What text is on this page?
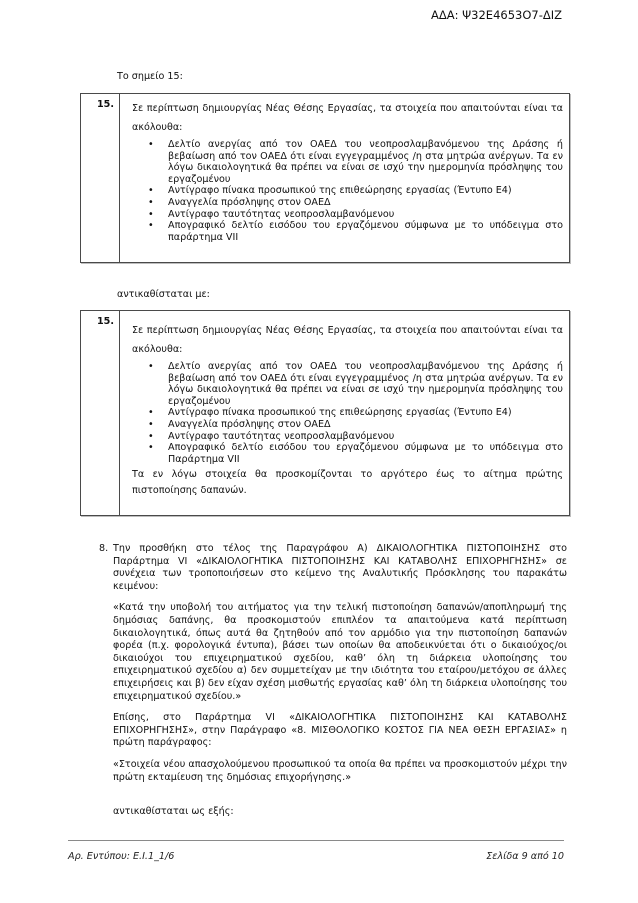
ΑΔΑ: Ψ32Ε4653Ο7-ΔΙΖ
Το σημείο 15:
15. Σε περίπτωση δημιουργίας Νέας Θέσης Εργασίας, τα στοιχεία που απαιτούνται είναι τα ακόλουθα:

• Δελτίο ανεργίας από τον ΟΑΕΔ του νεοπροσλαμβανόμενου της Δράσης ή βεβαίωση από τον ΟΑΕΔ ότι είναι εγγεγραμμένος /η στα μητρώα ανέργων. Τα εν λόγω δικαιολογητικά θα πρέπει να είναι σε ισχύ την ημερομηνία πρόσληψης του εργαζομένου
• Αντίγραφο πίνακα προσωπικού της επιθεώρησης εργασίας (Έντυπο Ε4)
• Αναγγελία πρόσληψης στον ΟΑΕΔ
• Αντίγραφο ταυτότητας νεοπροσλαμβανόμενου
• Απογραφικό δελτίο εισόδου του εργαζόμενου σύμφωνα με το υπόδειγμα στο παράρτημα VII
αντικαθίσταται με:
15.

Σε περίπτωση δημιουργίας Νέας Θέσης Εργασίας, τα στοιχεία που απαιτούνται είναι τα ακόλουθα:

• Δελτίο ανεργίας από τον ΟΑΕΔ του νεοπροσλαμβανόμενου της Δράσης ή βεβαίωση από τον ΟΑΕΔ ότι είναι εγγεγραμμένος /η στα μητρώα ανέργων. Τα εν λόγω δικαιολογητικά θα πρέπει να είναι σε ισχύ την ημερομηνία πρόσληψης του εργαζομένου
• Αντίγραφο πίνακα προσωπικού της επιθεώρησης εργασίας (Έντυπο Ε4)
• Αναγγελία πρόσληψης στον ΟΑΕΔ
• Αντίγραφο ταυτότητας νεοπροσλαμβανόμενου
• Απογραφικό δελτίο εισόδου του εργαζόμενου σύμφωνα με το υπόδειγμα στο Παράρτημα VII

Τα εν λόγω στοιχεία θα προσκομίζονται το αργότερο έως το αίτημα πρώτης πιστοποίησης δαπανών.

8. Την προσθήκη στο τέλος της Παραγράφου Α) ΔΙΚΑΙΟΛΟΓΗΤΙΚΑ ΠΙΣΤΟΠΟΙΗΣΗΣ στο Παράρτημα VI «ΔΙΚΑΙΟΛΟΓΗΤΙΚΑ ΠΙΣΤΟΠΟΙΗΣΗΣ ΚΑΙ ΚΑΤΑΒΟΛΗΣ ΕΠΙΧΟΡΗΓΗΣΗΣ» σε συνέχεια των τροποποιήσεων στο κείμενο της Αναλυτικής Πρόσκλησης του παρακάτω κειμένου:

«Κατά την υποβολή του αιτήματος για την τελική πιστοποίηση δαπανών/αποπληρωμή της δημόσιας δαπάνης, θα προσκομιστούν επιπλέον τα απαιτούμενα κατά περίπτωση δικαιολογητικά, όπως αυτά θα ζητηθούν από τον αρμόδιο για την πιστοποίηση δαπανών φορέα (π.χ. φορολογικά έντυπα), βάσει των οποίων θα αποδεικνύεται ότι ο δικαιούχος/οι δικαιούχοι του επιχειρηματικού σχεδίου, καθ’ όλη τη διάρκεια υλοποίησης του επιχειρηματικού σχεδίου α) δεν συμμετείχαν με την ιδιότητα του εταίρου/μετόχου σε άλλες επιχειρήσεις και β) δεν είχαν σχέση μισθωτής εργασίας καθ’ όλη τη διάρκεια υλοποίησης του επιχειρηματικού σχεδίου.»

Επίσης, στο Παράρτημα VI «ΔΙΚΑΙΟΛΟΓΗΤΙΚΑ ΠΙΣΤΟΠΟΙΗΣΗΣ ΚΑΙ ΚΑΤΑΒΟΛΗΣ ΕΠΙΧΟΡΗΓΗΣΗΣ», στην Παράγραφο «8. ΜΙΣΘΟΛΟΓΙΚΟ ΚΟΣΤΟΣ ΓΙΑ ΝΕΑ ΘΕΣΗ ΕΡΓΑΣΙΑΣ» η πρώτη παράγραφος:

«Στοιχεία νέου απασχολούμενου προσωπικού τα οποία θα πρέπει να προσκομιστούν μέχρι την πρώτη εκταμίευση της δημόσιας επιχορήγησης.»

αντικαθίσταται ως εξής:

Αρ. Εντύπου: Ε.Ι.1_1/6	Σελίδα 9 από 10
